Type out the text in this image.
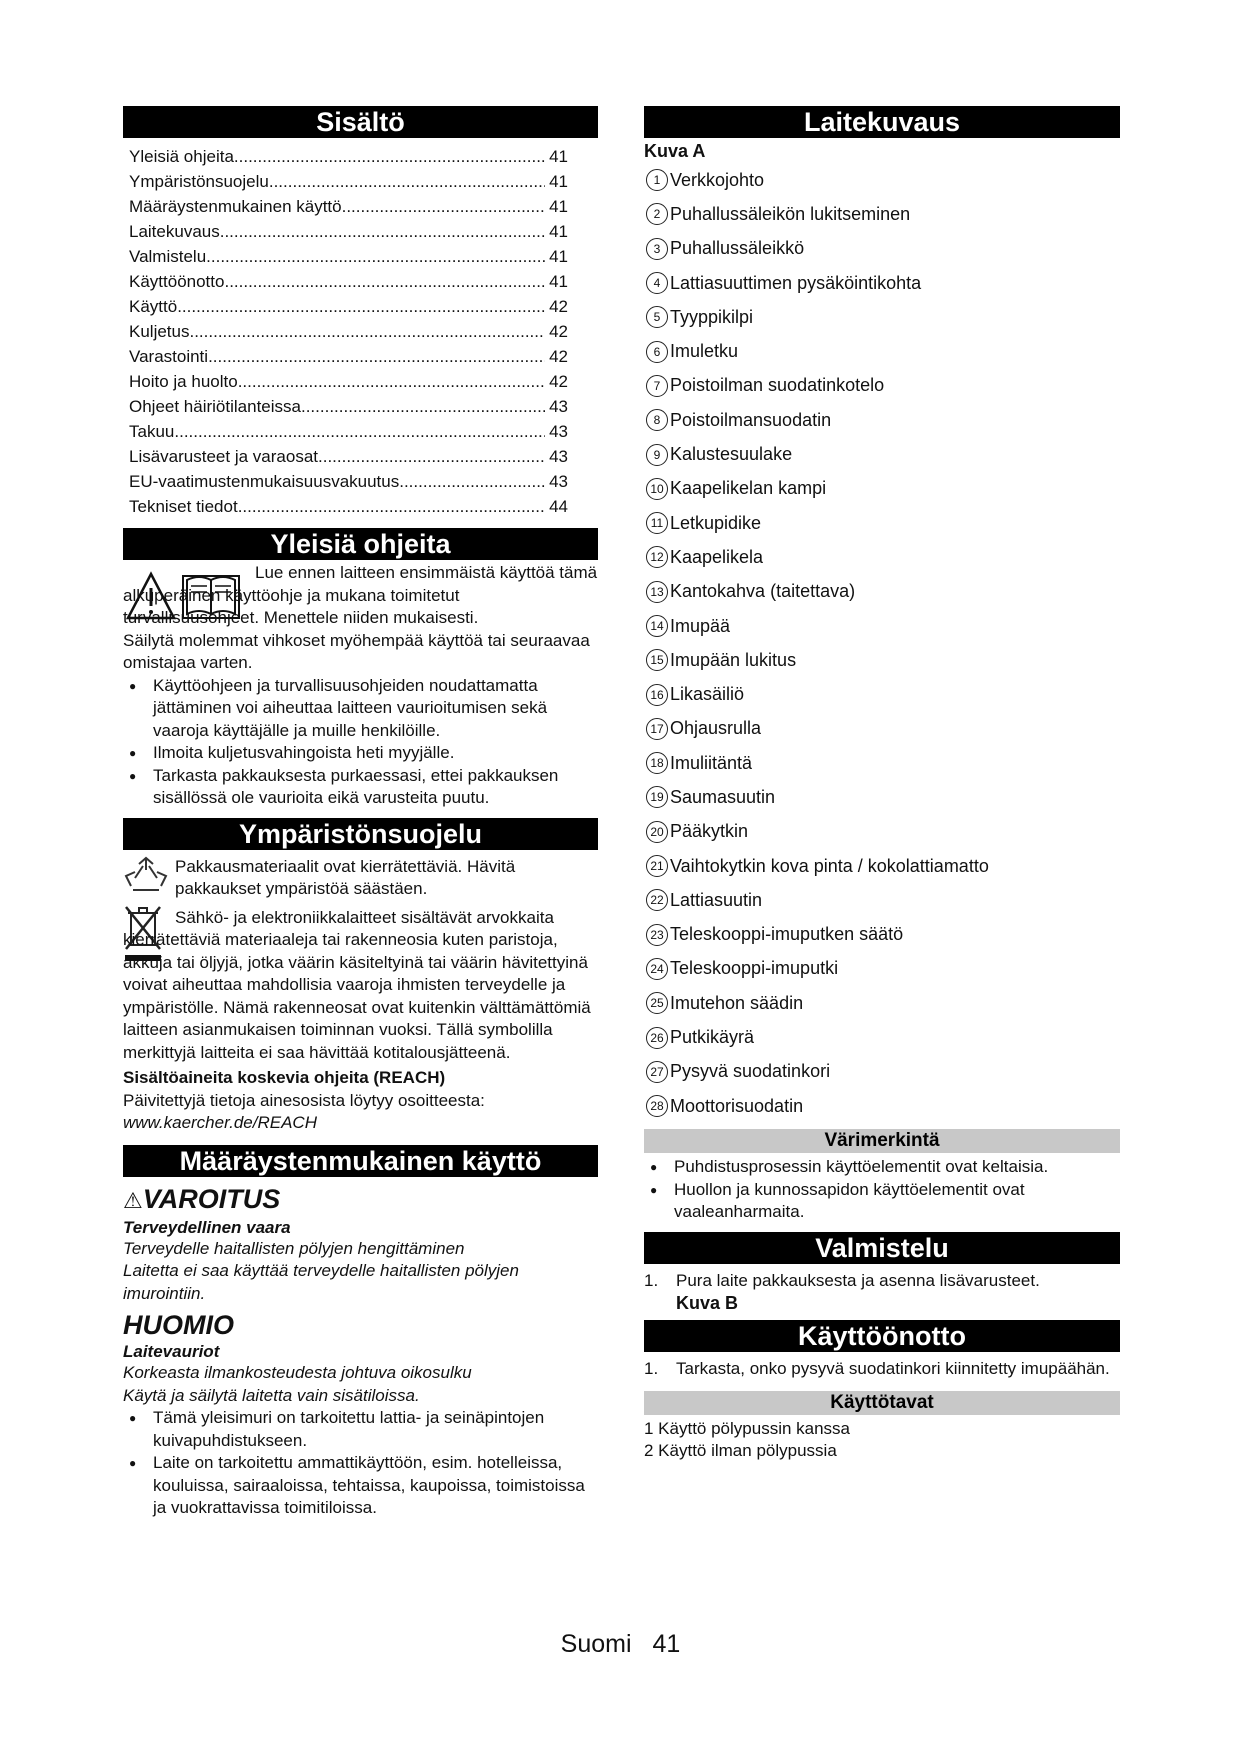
Sisältö
Yleisiä ohjeita .....	41
Ympäristönsuojelu .....	41
Määräystenmukainen käyttö .....	41
Laitekuvaus .....	41
Valmistelu .....	41
Käyttöönotto .....	41
Käyttö .....	42
Kuljetus .....	42
Varastointi .....	42
Hoito ja huolto .....	42
Ohjeet häiriötilanteissa .....	43
Takuu .....	43
Lisävarusteet ja varaosat .....	43
EU-vaatimustenmukaisuusvakuutus .....	43
Tekniset tiedot .....	44
Yleisiä ohjeita

Lue ennen laitteen ensimmäistä käyttöä tämä alkuperäinen käyttöohje ja mukana toimitetut turvallisuusohjeet. Menettele niiden mukaisesti.

Säilytä molemmat vihkoset myöhempää käyttöä tai seuraavaa omistajaa varten.

● Käyttöohjeen ja turvallisuusohjeiden noudattamatta jättäminen voi aiheuttaa laitteen vaurioitumisen sekä vaaroja käyttäjälle ja muille henkilöille.
● Ilmoita kuljetusvahingoista heti myyjälle.
● Tarkasta pakkauksesta purkaessasi, ettei pakkauksen sisällössä ole vaurioita eikä varusteita puutu.
Ympäristönsuojelu

Pakkausmateriaalit ovat kierrätettäviä. Hävitä pakkaukset ympäristöä säästäen.

Sähkö- ja elektroniikkalaitteet sisältävät arvokkaita kierrätettäviä materiaaleja tai rakenneosia kuten paristoja, akkuja tai öljyjä, jotka väärin käsiteltyinä tai väärin hävitettyinä voivat aiheuttaa mahdollisia vaaroja ihmisten terveydelle ja ympäristölle. Nämä rakenneosat ovat kuitenkin välttämättömiä laitteen asianmukaisen toiminnan vuoksi. Tällä symbolilla merkittyjä laitteita ei saa hävittää kotitalousjätteenä.

Sisältöaineita koskevia ohjeita (REACH)

Päivitettyjä tietoja ainesosista löytyy osoitteesta:

www.kaercher.de/REACH

Määräystenmukainen käyttö
⚠VAROITUS
Terveydellinen vaara

Terveydelle haitallisten pölyjen hengittäminen

Laitetta ei saa käyttää terveydelle haitallisten pölyjen imurointiin.

HUOMIO
Laitevauriot

Korkeasta ilmankosteudesta johtuva oikosulku

Käytä ja säilytä laitetta vain sisätiloissa.

● Tämä yleisimuri on tarkoitettu lattia- ja seinäpintojen kuivapuhdistukseen.
● Laite on tarkoitettu ammattikäyttöön, esim. hotelleissa, kouluissa, sairaaloissa, tehtaissa, kaupoissa, toimistoissa ja vuokrattavissa toimitiloissa.
Laitekuvaus
Kuva A
1 Verkkojohto
2 Puhallussäleikön lukitseminen
3 Puhallussäleikkö
4 Lattiasuuttimen pysäköintikohta
5 Tyyppikilpi
6 Imuletku
7 Poistoilman suodatinkotelo
8 Poistoilmansuodatin
9 Kalustesuulake
10 Kaapelikelan kampi
11 Letkupidike
12 Kaapelikela
13 Kantokahva (taitettava)
14 Imupää
15 Imupään lukitus
16 Likasäiliö
17 Ohjausrulla
18 Imuliitäntä
19 Saumasuutin
20 Pääkytkin
21 Vaihtokytkin kova pinta / kokolattiamatto
22 Lattiasuutin
23 Teleskooppi-imuputken säätö
24 Teleskooppi-imuputki
25 Imutehon säädin
26 Putkikäyrä
27 Pysyvä suodatinkori
28 Moottorisuodatin
Värimerkintä
● Puhdistusprosessin käyttöelementit ovat keltaisia.
● Huollon ja kunnossapidon käyttöelementit ovat vaaleanharmaita.
Valmistelu
1. Pura laite pakkauksesta ja asenna lisävarusteet.
Kuva B
Käyttöönotto
1. Tarkasta, onko pysyvä suodatinkori kiinnitetty imupäähän.
Käyttötavat

1 Käyttö pölypussin kanssa

2 Käyttö ilman pölypussia

Suomi 41
